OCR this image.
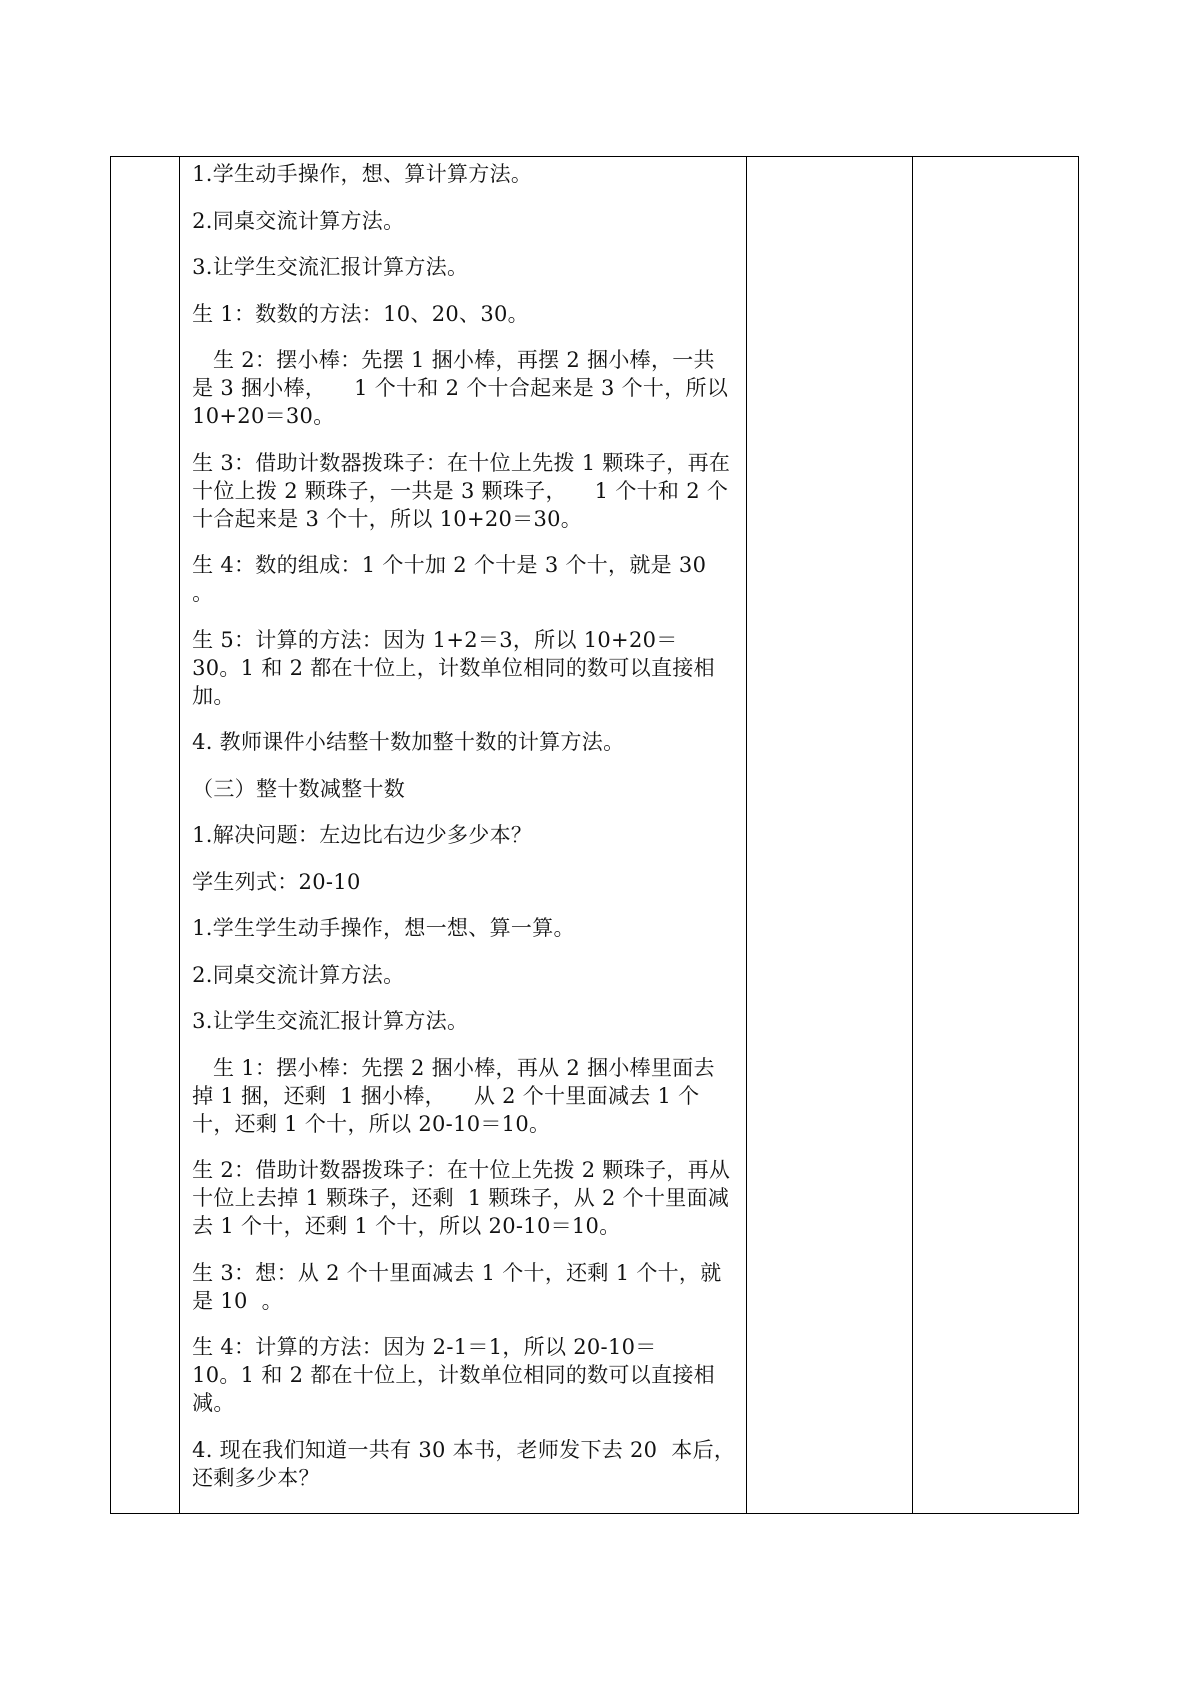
1.学生动手操作，想、算计算方法。

2.同桌交流计算方法。

3.让学生交流汇报计算方法。

生 1：数数的方法：10、20、30。

生 2：摆小棒：先摆 1 捆小棒，再摆 2 捆小棒，一共是 3 捆小棒，    1 个十和 2 个十合起来是 3 个十，所以 10+20＝30。

生 3：借助计数器拨珠子：在十位上先拨 1 颗珠子，再在十位上拨 2 颗珠子，一共是 3 颗珠子，    1 个十和 2 个十合起来是 3 个十，所以 10+20＝30。

生 4：数的组成：1 个十加 2 个十是 3 个十，就是 30
。

生 5：计算的方法：因为 1+2＝3，所以 10+20＝
30。1 和 2 都在十位上，计数单位相同的数可以直接相加。

4. 教师课件小结整十数加整十数的计算方法。

（三）整十数减整十数

1.解决问题：左边比右边少多少本？

学生列式：20-10

1.学生学生动手操作，想一想、算一算。

2.同桌交流计算方法。

3.让学生交流汇报计算方法。

生 1：摆小棒：先摆 2 捆小棒，再从 2 捆小棒里面去掉 1 捆，还剩  1 捆小棒，    从 2 个十里面减去 1 个十，还剩 1 个十，所以 20-10＝10。

生 2：借助计数器拨珠子：在十位上先拨 2 颗珠子，再从十位上去掉 1 颗珠子，还剩  1 颗珠子，从 2 个十里面减去 1 个十，还剩 1 个十，所以 20-10＝10。

生 3：想：从 2 个十里面减去 1 个十，还剩 1 个十，就是 10  。

生 4：计算的方法：因为 2-1＝1，所以 20-10＝
10。1 和 2 都在十位上，计数单位相同的数可以直接相减。

4. 现在我们知道一共有 30 本书，老师发下去 20  本后，还剩多少本？
